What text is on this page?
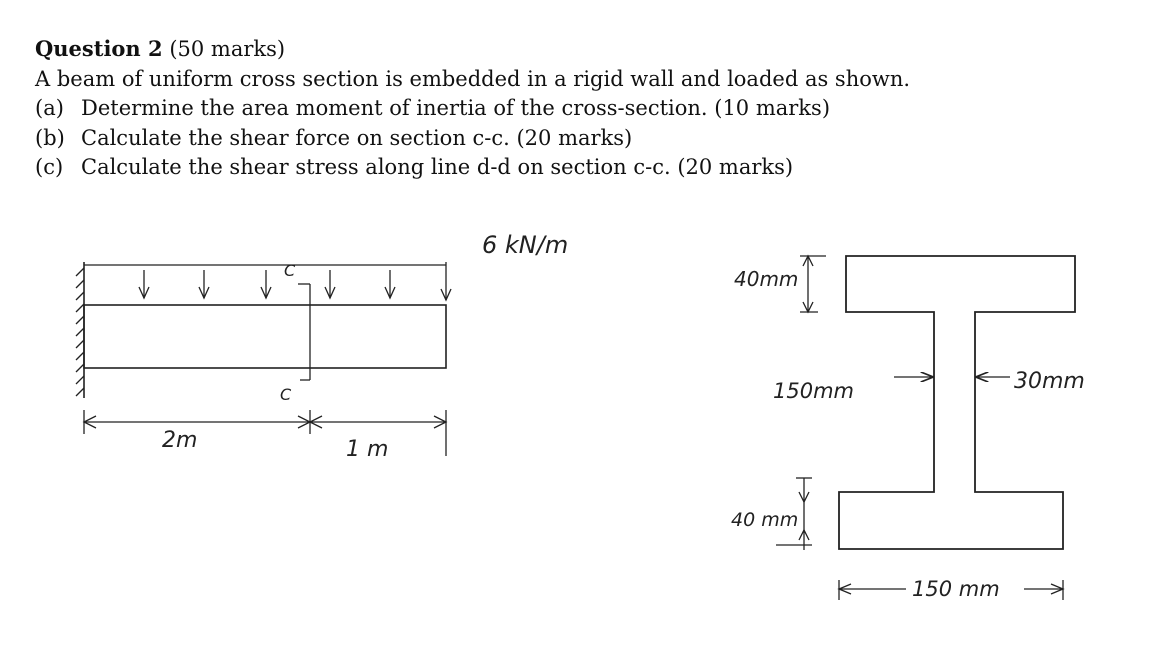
Question 2 (50 marks)
A beam of uniform cross section is embedded in a rigid wall and loaded as shown.
(a) Determine the area moment of inertia of the cross-section. (10 marks)
(b) Calculate the shear force on section c-c. (20 marks)
(c) Calculate the shear stress along line d-d on section c-c. (20 marks)
6 kN/m
C
C
2m	1 m
40mm
150mm	30mm
40 mm
150 mm
